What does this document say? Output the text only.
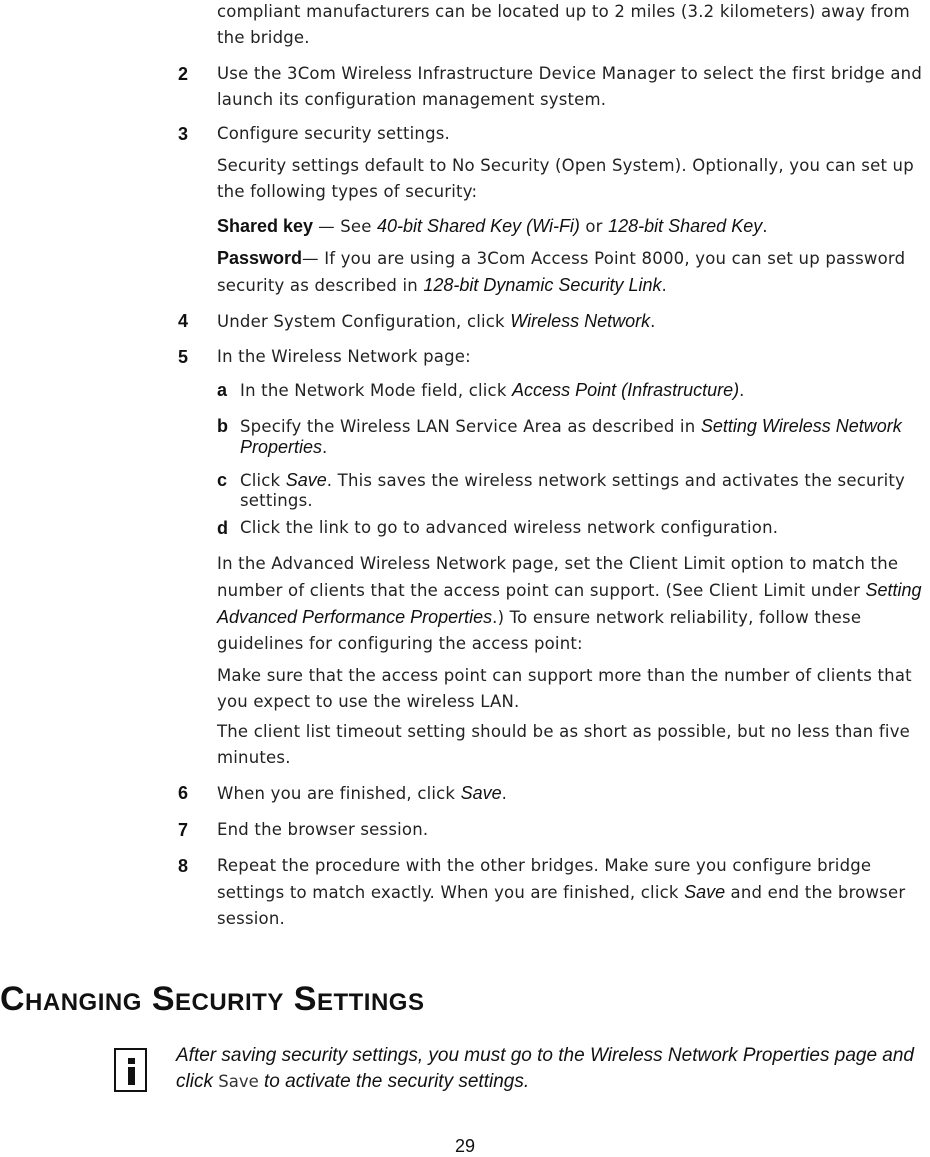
compliant manufacturers can be located up to 2 miles (3.2 kilometers) away from the bridge.
2 Use the 3Com Wireless Infrastructure Device Manager to select the first bridge and launch its configuration management system.
3 Configure security settings.
Security settings default to No Security (Open System). Optionally, you can set up the following types of security:
Shared key — See 40-bit Shared Key (Wi-Fi) or 128-bit Shared Key.
Password— If you are using a 3Com Access Point 8000, you can set up password security as described in 128-bit Dynamic Security Link.
4 Under System Configuration, click Wireless Network.
5 In the Wireless Network page:
a In the Network Mode field, click Access Point (Infrastructure).
b Specify the Wireless LAN Service Area as described in Setting Wireless Network Properties.
c Click Save. This saves the wireless network settings and activates the security settings.
d Click the link to go to advanced wireless network configuration.
In the Advanced Wireless Network page, set the Client Limit option to match the number of clients that the access point can support. (See Client Limit under Setting Advanced Performance Properties.) To ensure network reliability, follow these guidelines for configuring the access point:
Make sure that the access point can support more than the number of clients that you expect to use the wireless LAN.
The client list timeout setting should be as short as possible, but no less than five minutes.
6 When you are finished, click Save.
7 End the browser session.
8 Repeat the procedure with the other bridges. Make sure you configure bridge settings to match exactly. When you are finished, click Save and end the browser session.
Changing Security Settings
After saving security settings, you must go to the Wireless Network Properties page and click Save to activate the security settings.
29
